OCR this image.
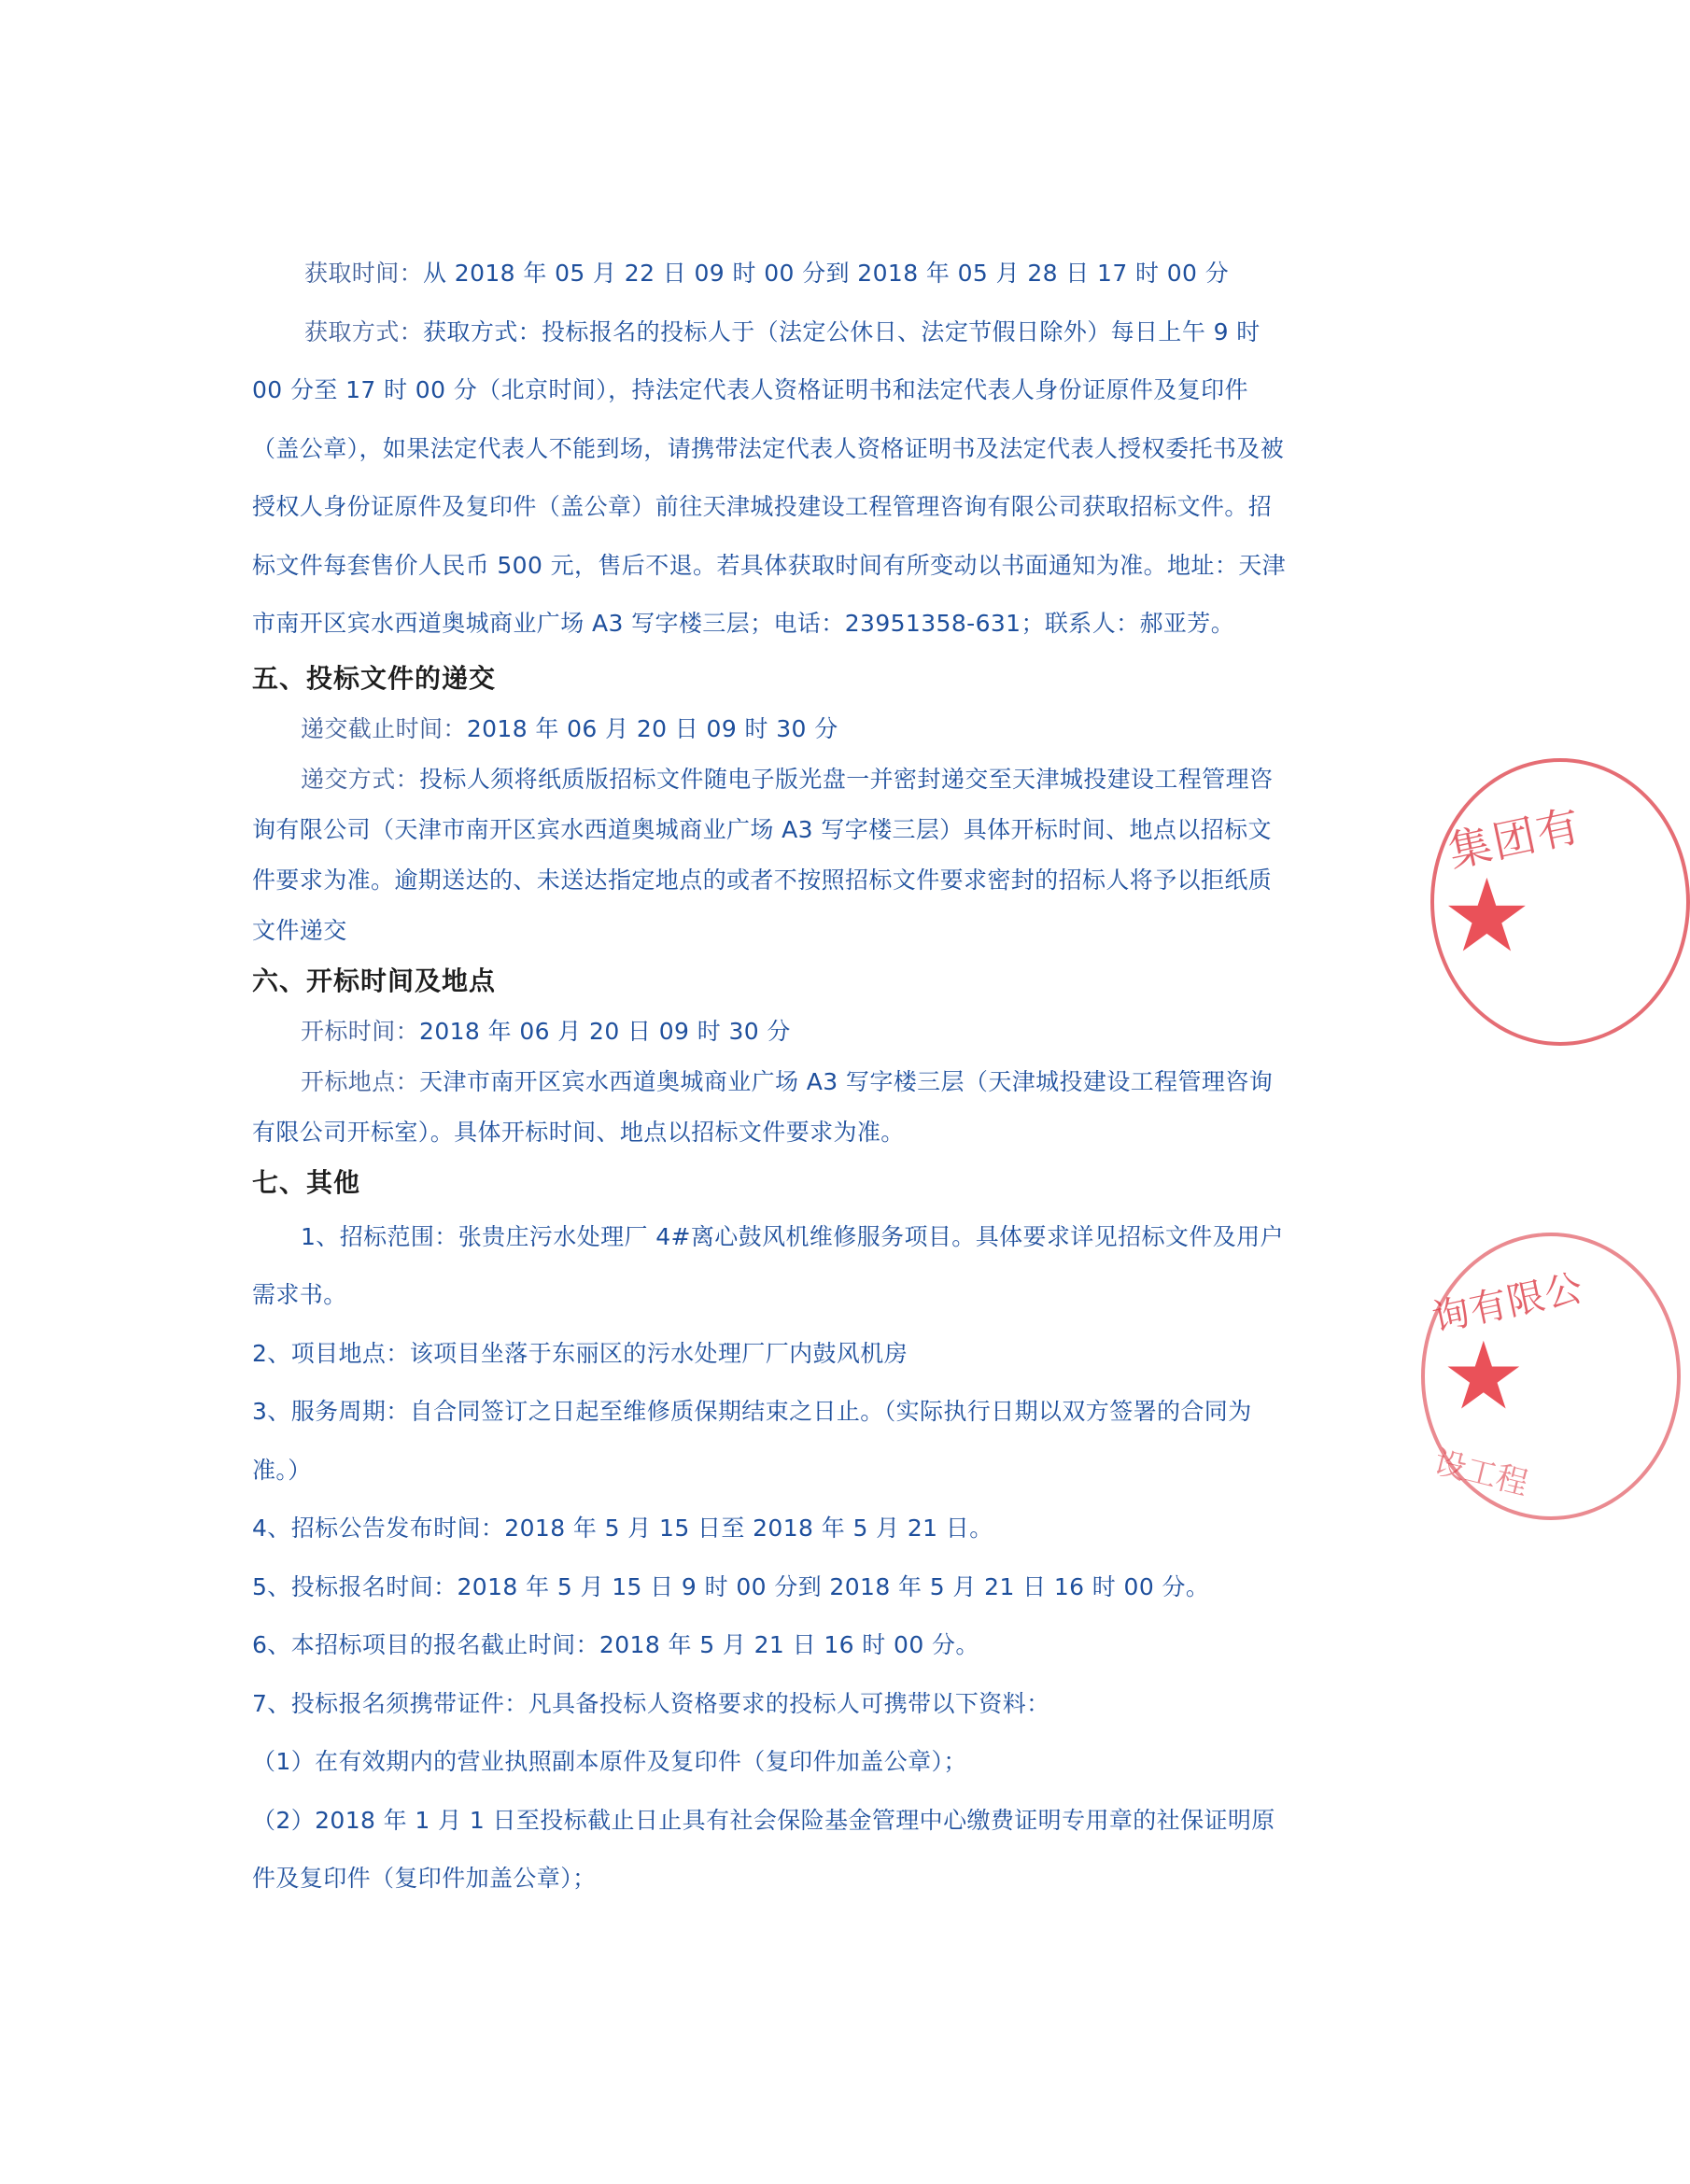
获取时间：从 2018 年 05 月 22 日 09 时 00 分到 2018 年 05 月 28 日 17 时 00 分

获取方式：获取方式：投标报名的投标人于（法定公休日、法定节假日除外）每日上午 9 时 00 分至 17 时 00 分（北京时间），持法定代表人资格证明书和法定代表人身份证原件及复印件（盖公章），如果法定代表人不能到场，请携带法定代表人资格证明书及法定代表人授权委托书及被授权人身份证原件及复印件（盖公章）前往天津城投建设工程管理咨询有限公司获取招标文件。招标文件每套售价人民币 500 元，售后不退。若具体获取时间有所变动以书面通知为准。地址：天津市南开区宾水西道奥城商业广场 A3 写字楼三层；电话：23951358-631；联系人：郝亚芳。

五、投标文件的递交

递交截止时间：2018 年 06 月 20 日 09 时 30 分

递交方式：投标人须将纸质版招标文件随电子版光盘一并密封递交至天津城投建设工程管理咨询有限公司（天津市南开区宾水西道奥城商业广场 A3 写字楼三层）具体开标时间、地点以招标文件要求为准。逾期送达的、未送达指定地点的或者不按照招标文件要求密封的招标人将予以拒纸质文件递交

六、开标时间及地点

开标时间：2018 年 06 月 20 日 09 时 30 分

开标地点：天津市南开区宾水西道奥城商业广场 A3 写字楼三层（天津城投建设工程管理咨询有限公司开标室）。具体开标时间、地点以招标文件要求为准。

七、其他

1、招标范围：张贵庄污水处理厂 4#离心鼓风机维修服务项目。具体要求详见招标文件及用户需求书。

2、项目地点：该项目坐落于东丽区的污水处理厂厂内鼓风机房

3、服务周期：自合同签订之日起至维修质保期结束之日止。（实际执行日期以双方签署的合同为准。）

4、招标公告发布时间：2018 年 5 月 15 日至 2018 年 5 月 21 日。

5、投标报名时间：2018 年 5 月 15 日 9 时 00 分到 2018 年 5 月 21 日 16 时 00 分。

6、本招标项目的报名截止时间：2018 年 5 月 21 日 16 时 00 分。

7、投标报名须携带证件：凡具备投标人资格要求的投标人可携带以下资料：

（1）在有效期内的营业执照副本原件及复印件（复印件加盖公章）；

（2）2018 年 1 月 1 日至投标截止日止具有社会保险基金管理中心缴费证明专用章的社保证明原件及复印件（复印件加盖公章）；

集团有
★
询有限公
★
设工程
